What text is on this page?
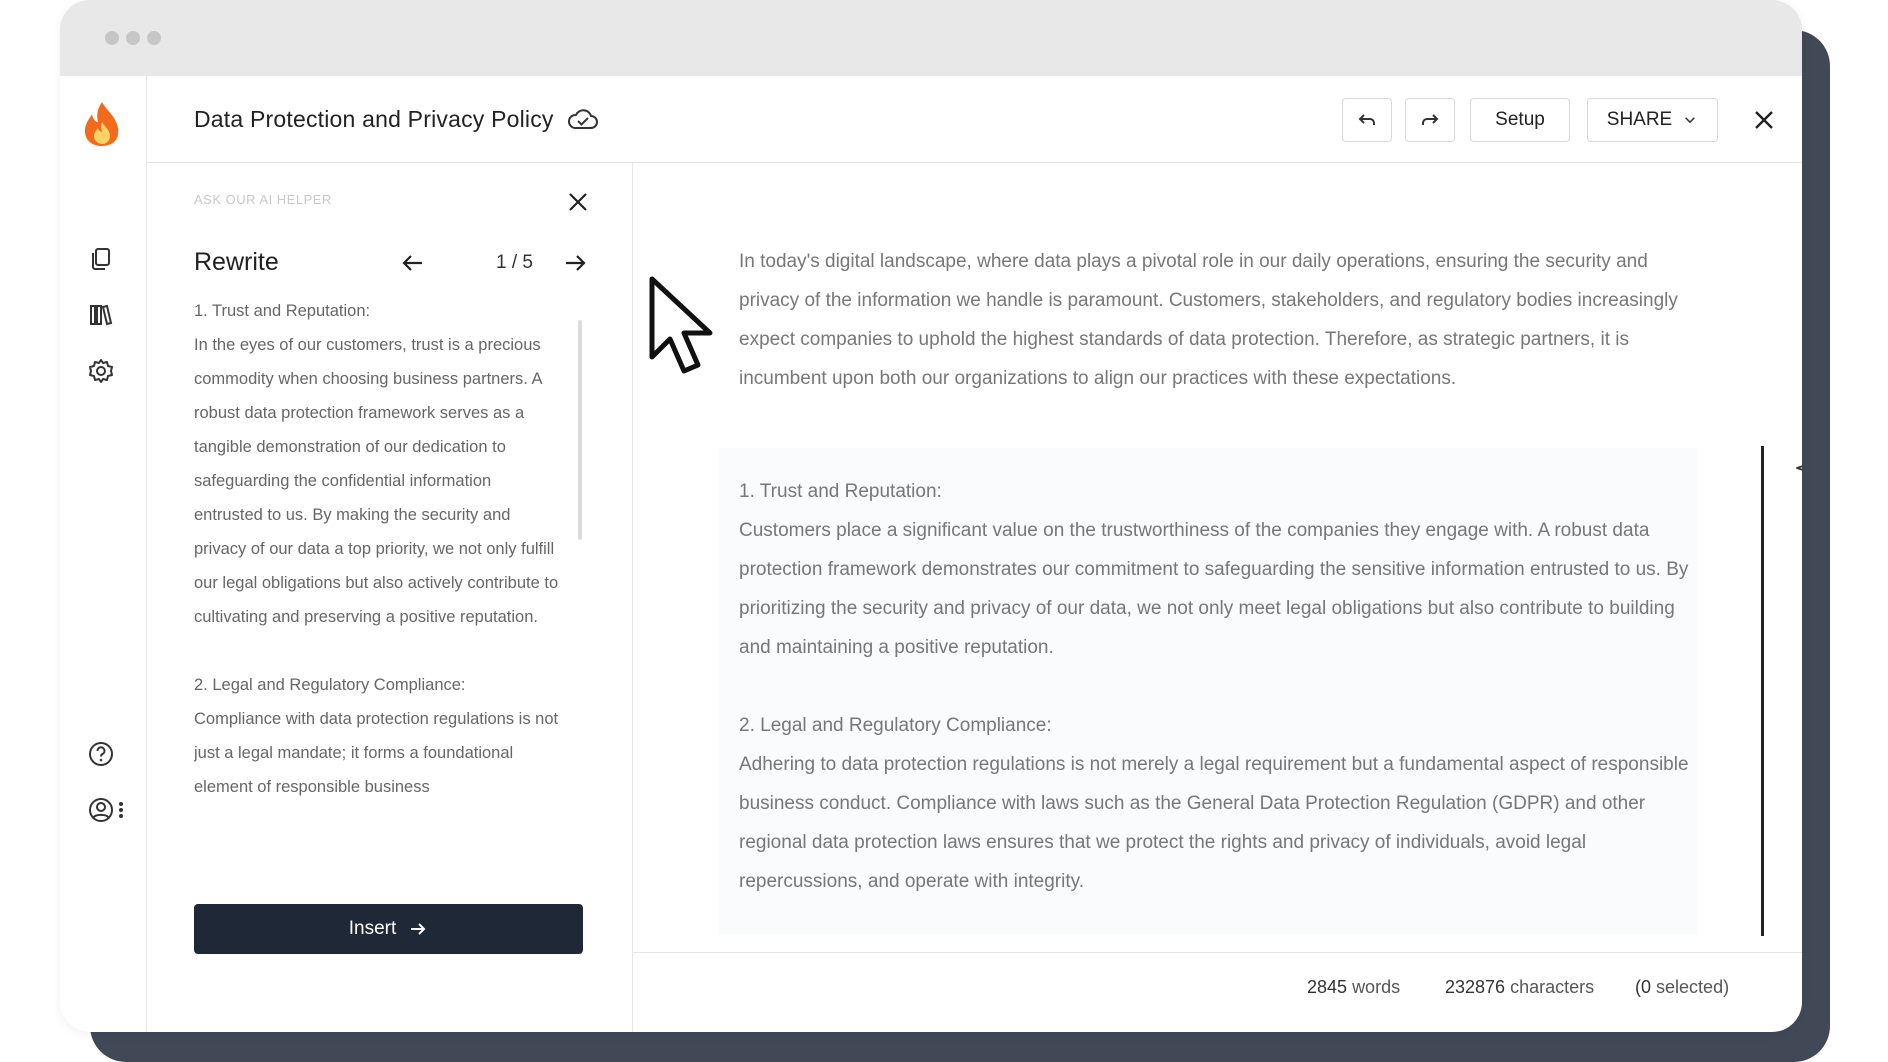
Data Protection and Privacy Policy	Setup	SHARE
ASK OUR AI HELPER
Rewrite	1 / 5

1. Trust and Reputation:
In the eyes of our customers, trust is a precious commodity when choosing business partners. A robust data protection framework serves as a tangible demonstration of our dedication to safeguarding the confidential information entrusted to us. By making the security and privacy of our data a top priority, we not only fulfill our legal obligations but also actively contribute to cultivating and preserving a positive reputation.

2. Legal and Regulatory Compliance:
Compliance with data protection regulations is not just a legal mandate; it forms a foundational element of responsible business

Insert
In today's digital landscape, where data plays a pivotal role in our daily operations, ensuring the security and privacy of the information we handle is paramount. Customers, stakeholders, and regulatory bodies increasingly expect companies to uphold the highest standards of data protection. Therefore, as strategic partners, it is incumbent upon both our organizations to align our practices with these expectations.

1. Trust and Reputation:
Customers place a significant value on the trustworthiness of the companies they engage with. A robust data protection framework demonstrates our commitment to safeguarding the sensitive information entrusted to us. By prioritizing the security and privacy of our data, we not only meet legal obligations but also contribute to building and maintaining a positive reputation.

2. Legal and Regulatory Compliance:
Adhering to data protection regulations is not merely a legal requirement but a fundamental aspect of responsible business conduct. Compliance with laws such as the General Data Protection Regulation (GDPR) and other regional data protection laws ensures that we protect the rights and privacy of individuals, avoid legal repercussions, and operate with integrity.

2845 words 232876 characters (0 selected)
